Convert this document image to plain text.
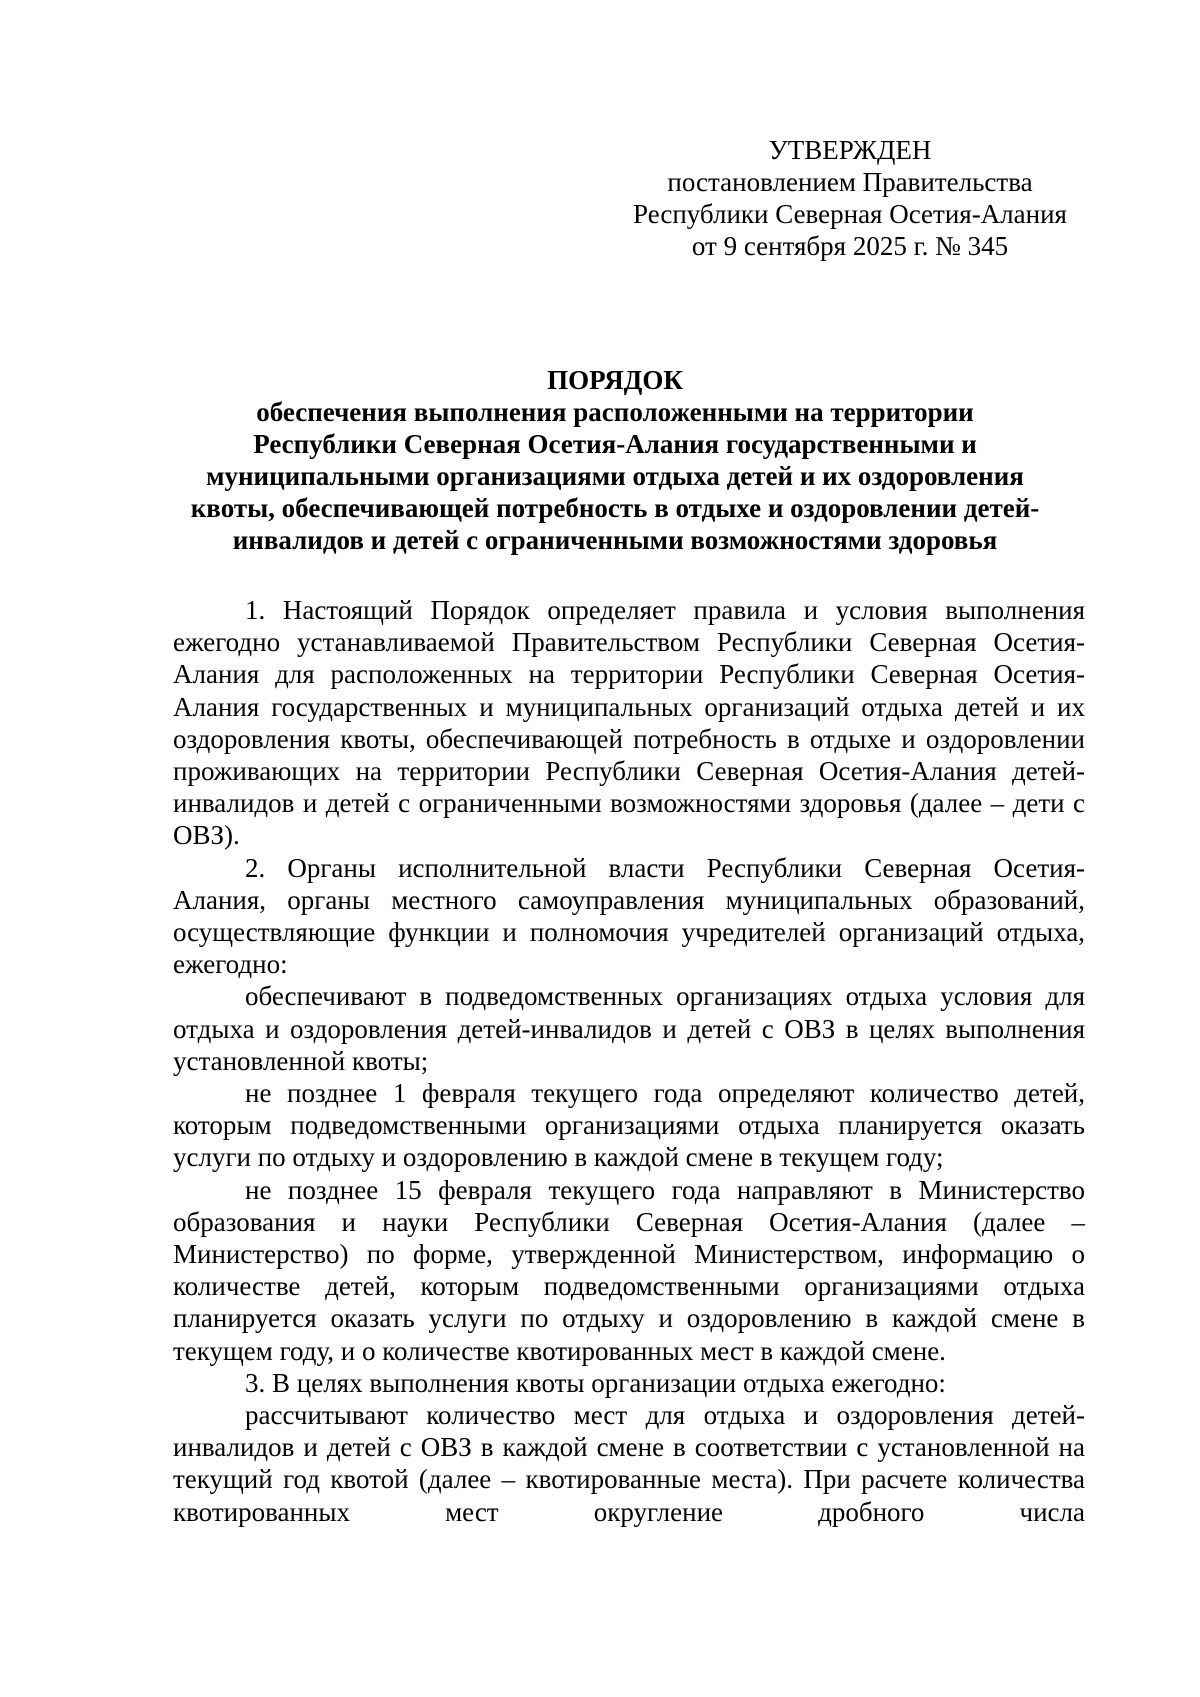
УТВЕРЖДЕН
постановлением Правительства
Республики Северная Осетия-Алания
от 9 сентября 2025 г. № 345
ПОРЯДОК
обеспечения выполнения расположенными на территории
Республики Северная Осетия-Алания государственными и
муниципальными организациями отдыха детей и их оздоровления
квоты, обеспечивающей потребность в отдыхе и оздоровлении детей-
инвалидов и детей с ограниченными возможностями здоровья

1. Настоящий Порядок определяет правила и условия выполнения ежегодно устанавливаемой Правительством Республики Северная Осетия-Алания для расположенных на территории Республики Северная Осетия-Алания государственных и муниципальных организаций отдыха детей и их оздоровления квоты, обеспечивающей потребность в отдыхе и оздоровлении проживающих на территории Республики Северная Осетия-Алания детей-инвалидов и детей с ограниченными возможностями здоровья (далее – дети с ОВЗ).

2. Органы исполнительной власти Республики Северная Осетия-Алания, органы местного самоуправления муниципальных образований, осуществляющие функции и полномочия учредителей организаций отдыха, ежегодно:

обеспечивают в подведомственных организациях отдыха условия для отдыха и оздоровления детей-инвалидов и детей с ОВЗ в целях выполнения установленной квоты;

не позднее 1 февраля текущего года определяют количество детей, которым подведомственными организациями отдыха планируется оказать услуги по отдыху и оздоровлению в каждой смене в текущем году;

не позднее 15 февраля текущего года направляют в Министерство образования и науки Республики Северная Осетия-Алания (далее – Министерство) по форме, утвержденной Министерством, информацию о количестве детей, которым подведомственными организациями отдыха планируется оказать услуги по отдыху и оздоровлению в каждой смене в текущем году, и о количестве квотированных мест в каждой смене.

3. В целях выполнения квоты организации отдыха ежегодно:

рассчитывают количество мест для отдыха и оздоровления детей-инвалидов и детей с ОВЗ в каждой смене в соответствии с установленной на текущий год квотой (далее – квотированные места). При расчете количества квотированных мест округление дробного числа
